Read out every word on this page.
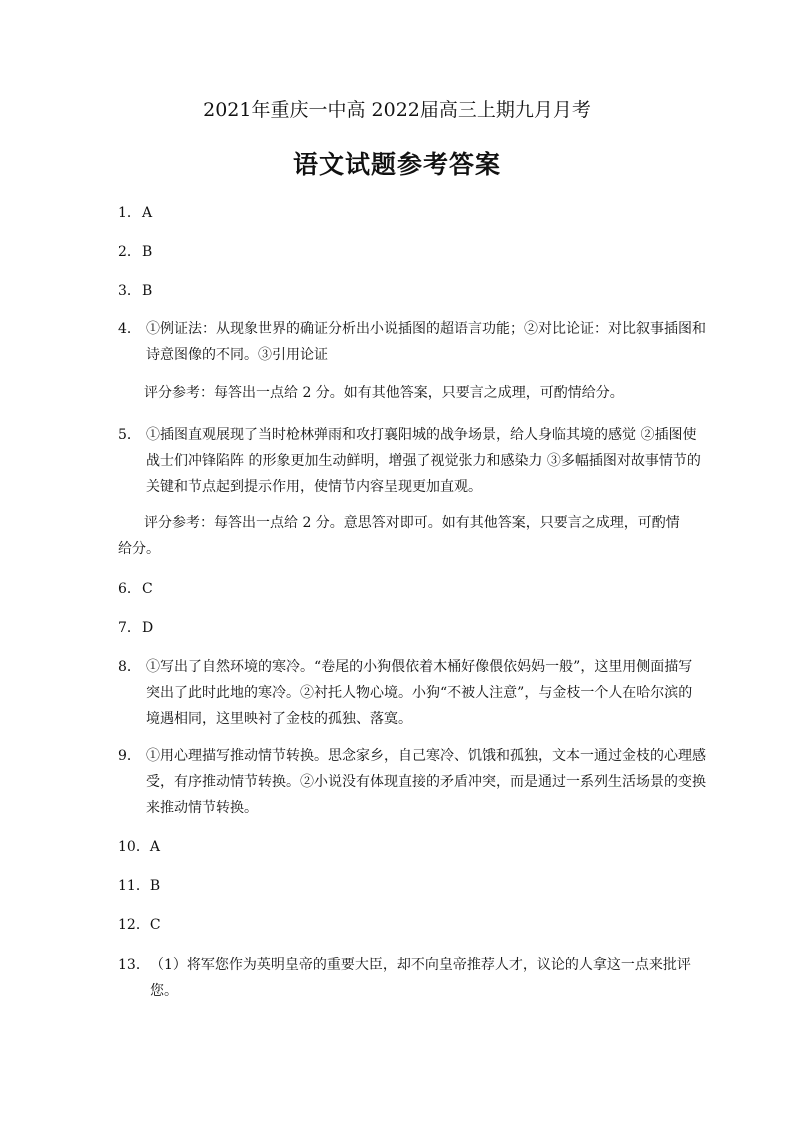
2021年重庆一中高 2022届高三上期九月月考
语文试题参考答案
1．A
2．B
3．B
4． ①例证法：从现象世界的确证分析出小说插图的超语言功能；②对比论证：对比叙事插图和诗意图像的不同。③引用论证
评分参考：每答出一点给 2 分。如有其他答案，只要言之成理，可酌情给分。
5． ①插图直观展现了当时枪林弹雨和攻打襄阳城的战争场景，给人身临其境的感觉 ②插图使战士们冲锋陷阵 的形象更加生动鲜明，增强了视觉张力和感染力 ③多幅插图对故事情节的关键和节点起到提示作用，使情节内容呈现更加直观。
评分参考：每答出一点给 2 分。意思答对即可。如有其他答案，只要言之成理，可酌情给分。
6．C
7．D
8． ①写出了自然环境的寒冷。“卷尾的小狗偎依着木桶好像偎依妈妈一般”，这里用侧面描写突出了此时此地的寒冷。②衬托人物心境。小狗“不被人注意”，与金枝一个人在哈尔滨的境遇相同，这里映衬了金枝的孤独、落寞。
9． ①用心理描写推动情节转换。思念家乡，自己寒冷、饥饿和孤独，文本一通过金枝的心理感受，有序推动情节转换。②小说没有体现直接的矛盾冲突，而是通过一系列生活场景的变换来推动情节转换。
10．A
11．B
12．C
13．（1）将军您作为英明皇帝的重要大臣，却不向皇帝推荐人才，议论的人拿这一点来批评您。
